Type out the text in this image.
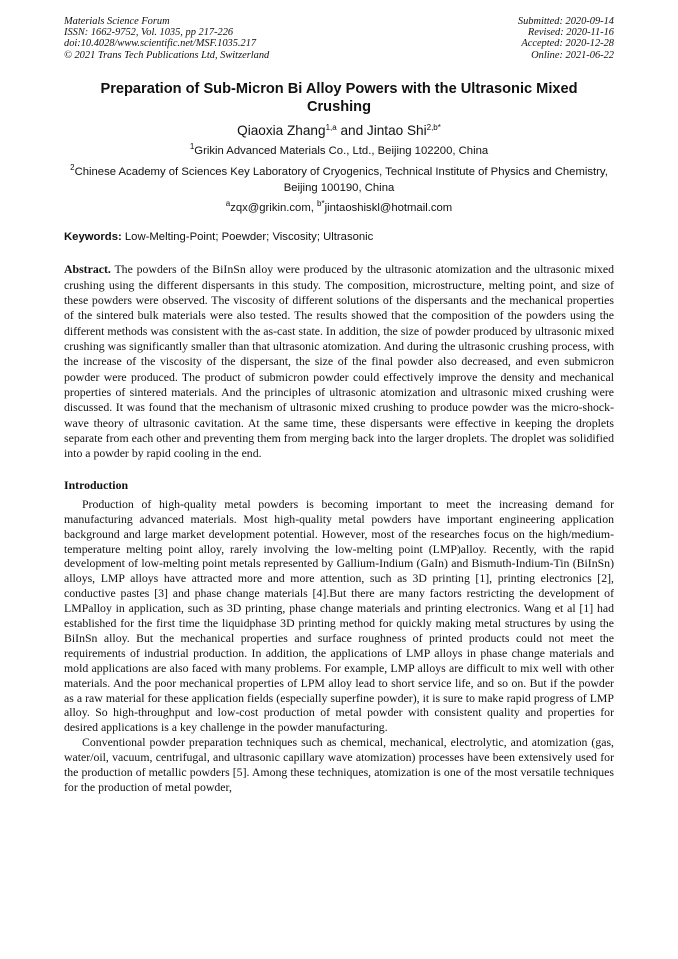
Materials Science Forum
ISSN: 1662-9752, Vol. 1035, pp 217-226
doi:10.4028/www.scientific.net/MSF.1035.217
© 2021 Trans Tech Publications Ltd, Switzerland
Submitted: 2020-09-14
Revised: 2020-11-16
Accepted: 2020-12-28
Online: 2021-06-22
Preparation of Sub-Micron Bi Alloy Powers with the Ultrasonic Mixed Crushing
Qiaoxia Zhang$^{1,a}$ and Jintao Shi$^{2,b*}$
$^1$Grikin Advanced Materials Co., Ltd., Beijing 102200, China
$^2$Chinese Academy of Sciences Key Laboratory of Cryogenics, Technical Institute of Physics and Chemistry, Beijing 100190, China
$^a$zqx@grikin.com, $^{b*}$jintaoshiskl@hotmail.com
Keywords: Low-Melting-Point; Poewder; Viscosity; Ultrasonic
Abstract. The powders of the BiInSn alloy were produced by the ultrasonic atomization and the ultrasonic mixed crushing using the different dispersants in this study. The composition, microstructure, melting point, and size of these powders were observed. The viscosity of different solutions of the dispersants and the mechanical properties of the sintered bulk materials were also tested. The results showed that the composition of the powders using the different methods was consistent with the as-cast state. In addition, the size of powder produced by ultrasonic mixed crushing was significantly smaller than that ultrasonic atomization. And during the ultrasonic crushing process, with the increase of the viscosity of the dispersant, the size of the final powder also decreased, and even submicron powder were produced. The product of submicron powder could effectively improve the density and mechanical properties of sintered materials. And the principles of ultrasonic atomization and ultrasonic mixed crushing were discussed. It was found that the mechanism of ultrasonic mixed crushing to produce powder was the micro-shock-wave theory of ultrasonic cavitation. At the same time, these dispersants were effective in keeping the droplets separate from each other and preventing them from merging back into the larger droplets. The droplet was solidified into a powder by rapid cooling in the end.
Introduction

Production of high-quality metal powders is becoming important to meet the increasing demand for manufacturing advanced materials. Most high-quality metal powders have important engineering application background and large market development potential. However, most of the researches focus on the high/medium-temperature melting point alloy, rarely involving the low-melting point (LMP)alloy. Recently, with the rapid development of low-melting point metals represented by Gallium-Indium (GaIn) and Bismuth-Indium-Tin (BiInSn) alloys, LMP alloys have attracted more and more attention, such as 3D printing [1], printing electronics [2], conductive pastes [3] and phase change materials [4].But there are many factors restricting the development of LMPalloy in application, such as 3D printing, phase change materials and printing electronics. Wang et al [1] had established for the first time the liquidphase 3D printing method for quickly making metal structures by using the BiInSn alloy. But the mechanical properties and surface roughness of printed products could not meet the requirements of industrial production. In addition, the applications of LMP alloys in phase change materials and mold applications are also faced with many problems. For example, LMP alloys are difficult to mix well with other materials. And the poor mechanical properties of LPM alloy lead to short service life, and so on. But if the powder as a raw material for these application fields (especially superfine powder), it is sure to make rapid progress of LMP alloy. So high-throughput and low-cost production of metal powder with consistent quality and properties for desired applications is a key challenge in the powder manufacturing.

Conventional powder preparation techniques such as chemical, mechanical, electrolytic, and atomization (gas, water/oil, vacuum, centrifugal, and ultrasonic capillary wave atomization) processes have been extensively used for the production of metallic powders [5]. Among these techniques, atomization is one of the most versatile techniques for the production of metal powder,
